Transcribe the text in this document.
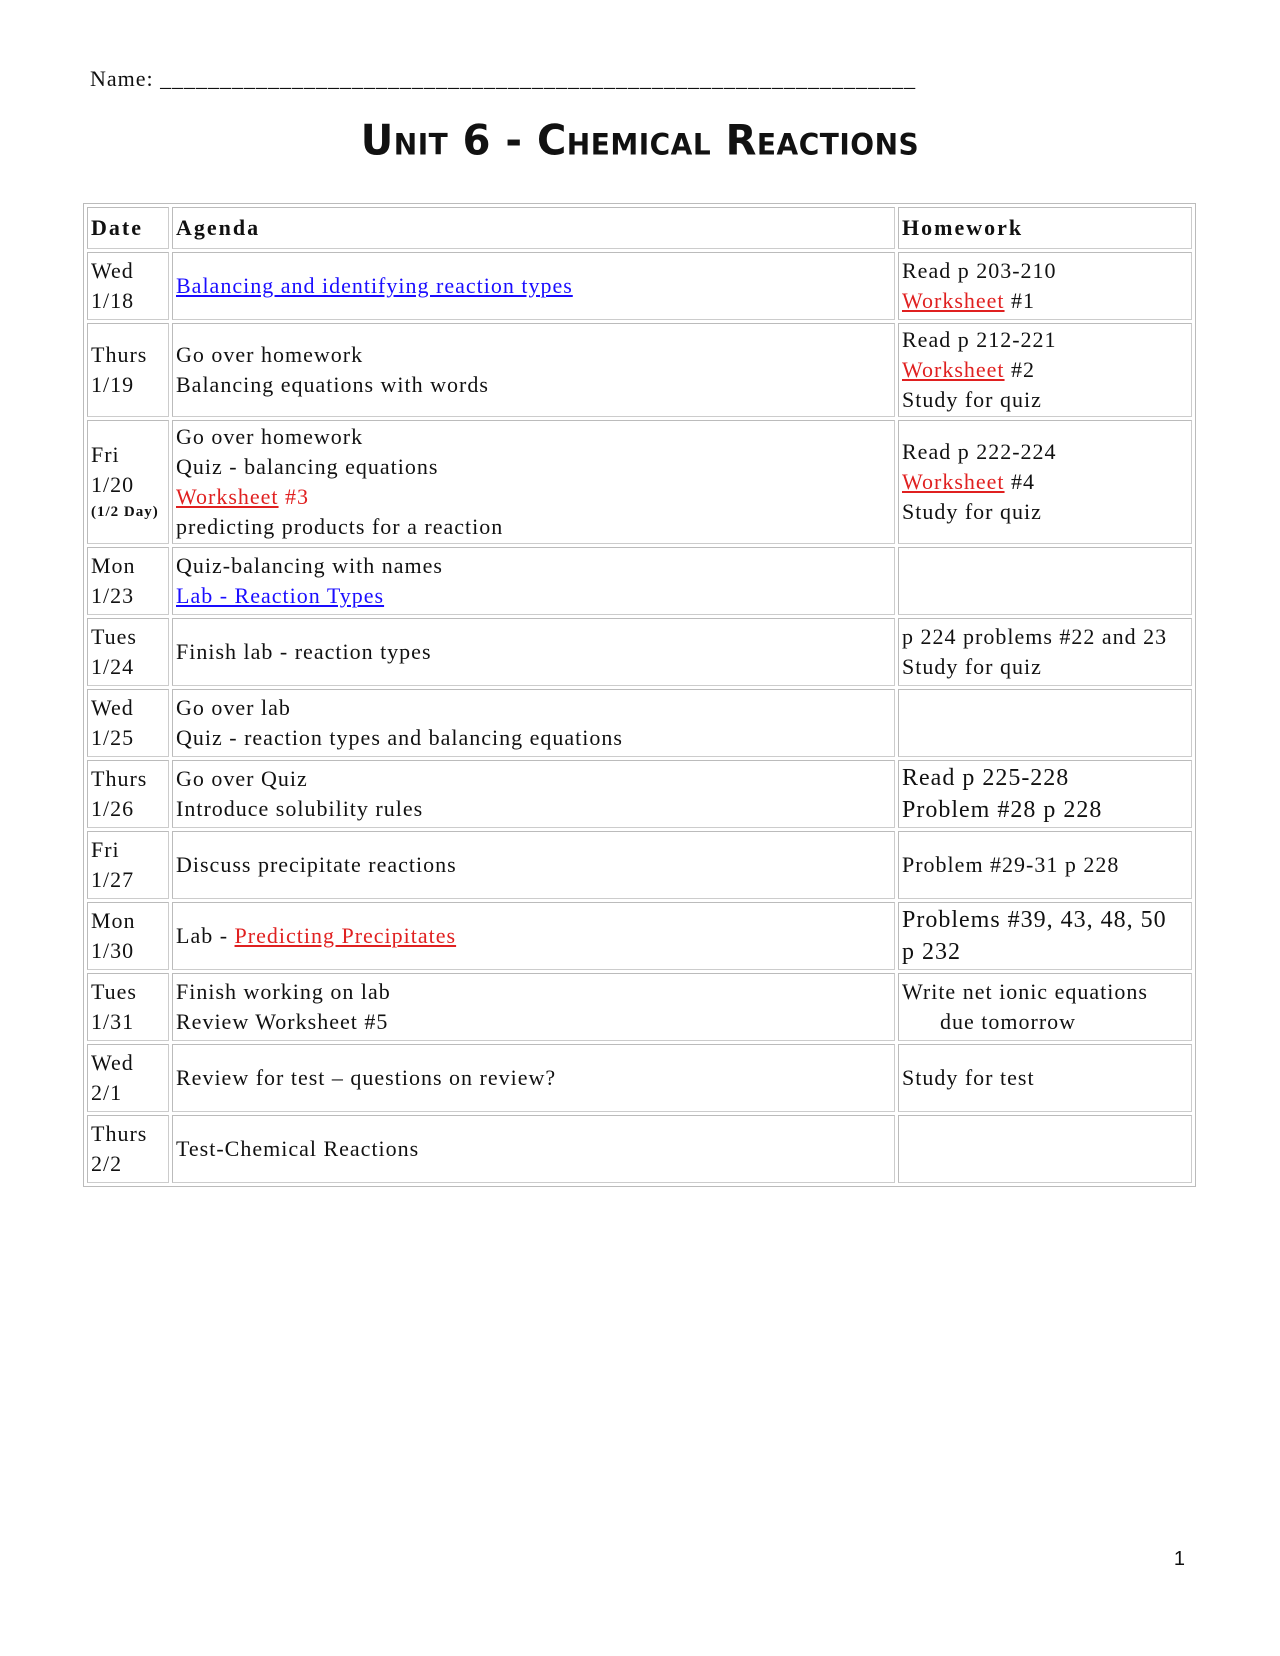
Name: _______________________________________________________________
Unit 6 - Chemical Reactions
Date	Agenda	Homework

Wed
1/18	Balancing and identifying reaction types	Read p 203-210
Worksheet #1

Thurs
1/19	Go over homework
Balancing equations with words	Read p 212-221
Worksheet #2
Study for quiz

Fri
1/20
(1/2 Day)	Go over homework
Quiz - balancing equations
Worksheet #3
predicting products for a reaction	Read p 222-224
Worksheet #4
Study for quiz

Mon
1/23	Quiz-balancing with names
Lab - Reaction Types	

Tues
1/24	Finish lab - reaction types	p 224 problems #22 and 23
Study for quiz

Wed
1/25	Go over lab
Quiz - reaction types and balancing equations	

Thurs
1/26	Go over Quiz
Introduce solubility rules	Read p 225-228
Problem #28 p 228

Fri
1/27	Discuss precipitate reactions	Problem #29-31 p 228

Mon
1/30	Lab - Predicting Precipitates	Problems #39, 43, 48, 50
p 232

Tues
1/31	Finish working on lab
Review Worksheet #5	Write net ionic equations
due tomorrow

Wed
2/1	Review for test – questions on review?	Study for test

Thurs
2/2	Test-Chemical Reactions	

1
